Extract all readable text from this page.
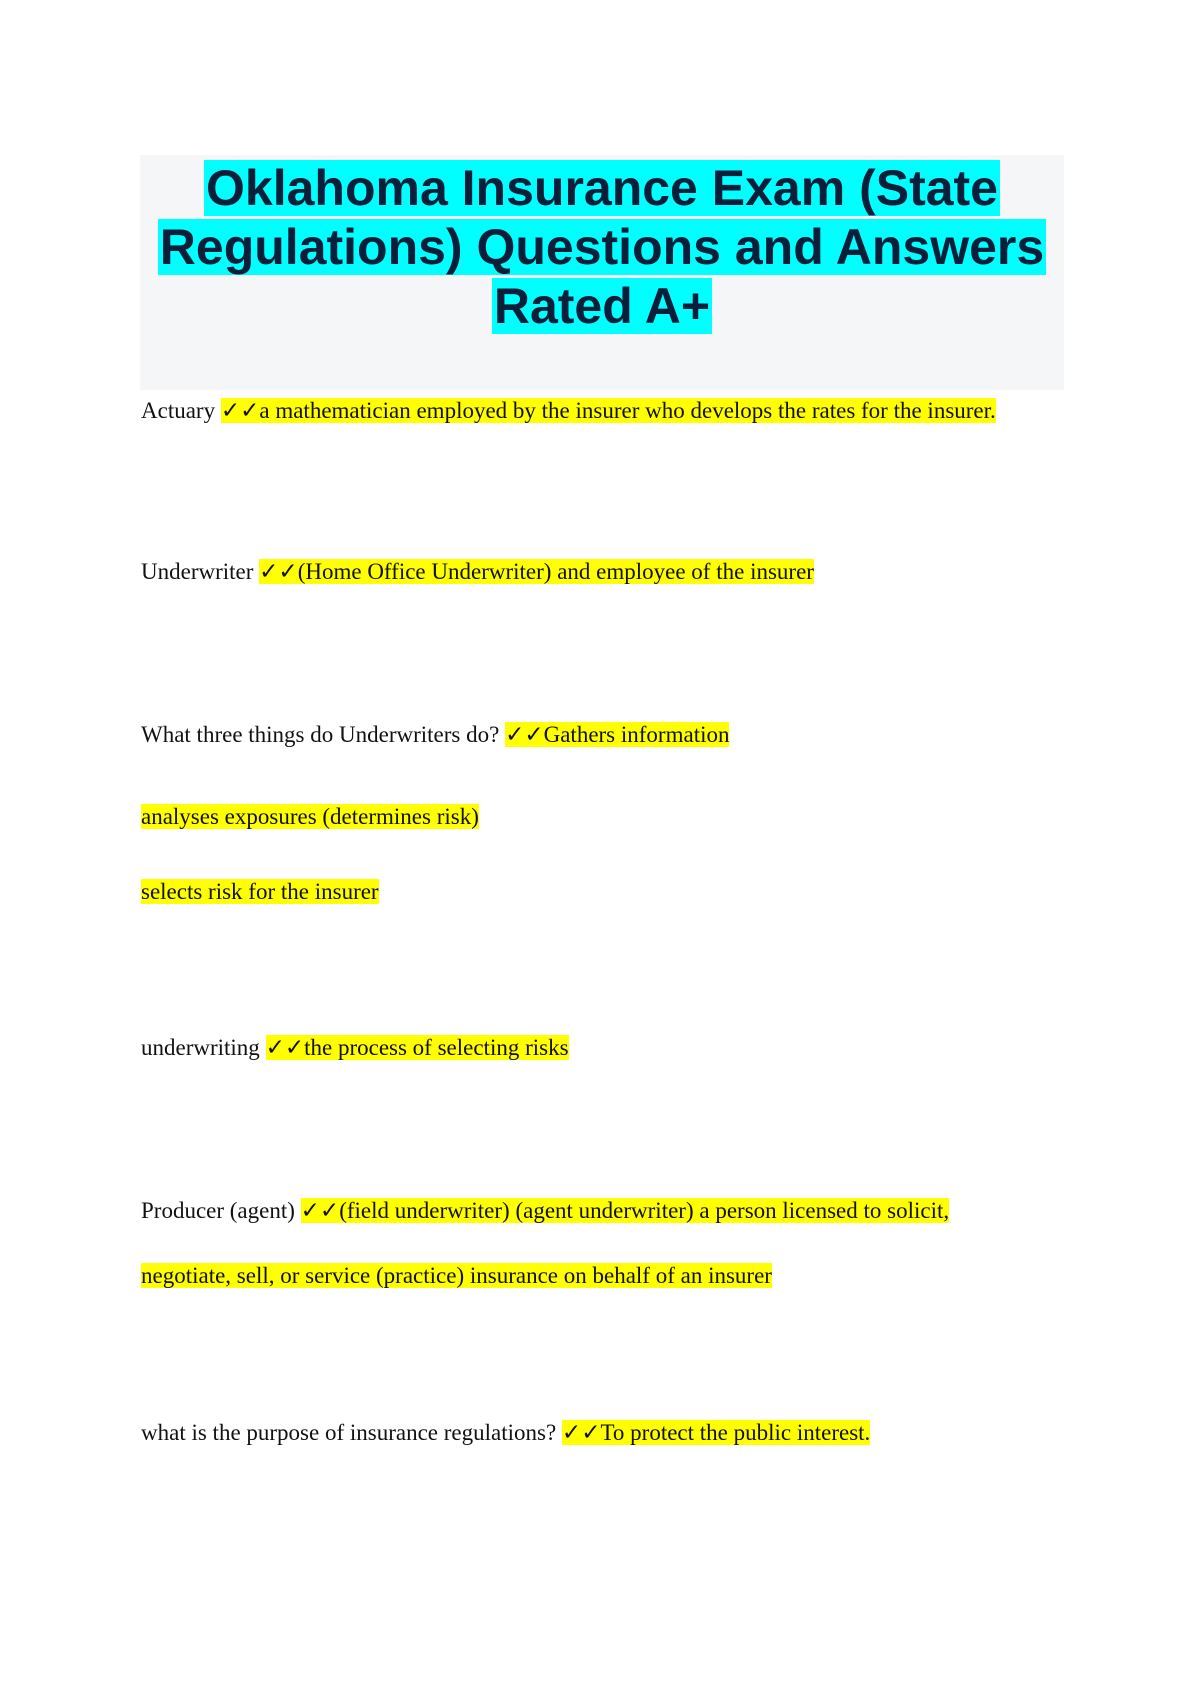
Oklahoma Insurance Exam (State
Regulations) Questions and Answers
Rated A+
Actuary ✓✓a mathematician employed by the insurer who develops the rates for the insurer.
Underwriter ✓✓(Home Office Underwriter) and employee of the insurer
What three things do Underwriters do? ✓✓Gathers information
analyses exposures (determines risk)
selects risk for the insurer
underwriting ✓✓the process of selecting risks
Producer (agent) ✓✓(field underwriter) (agent underwriter) a person licensed to solicit,
negotiate, sell, or service (practice) insurance on behalf of an insurer
what is the purpose of insurance regulations? ✓✓To protect the public interest.
